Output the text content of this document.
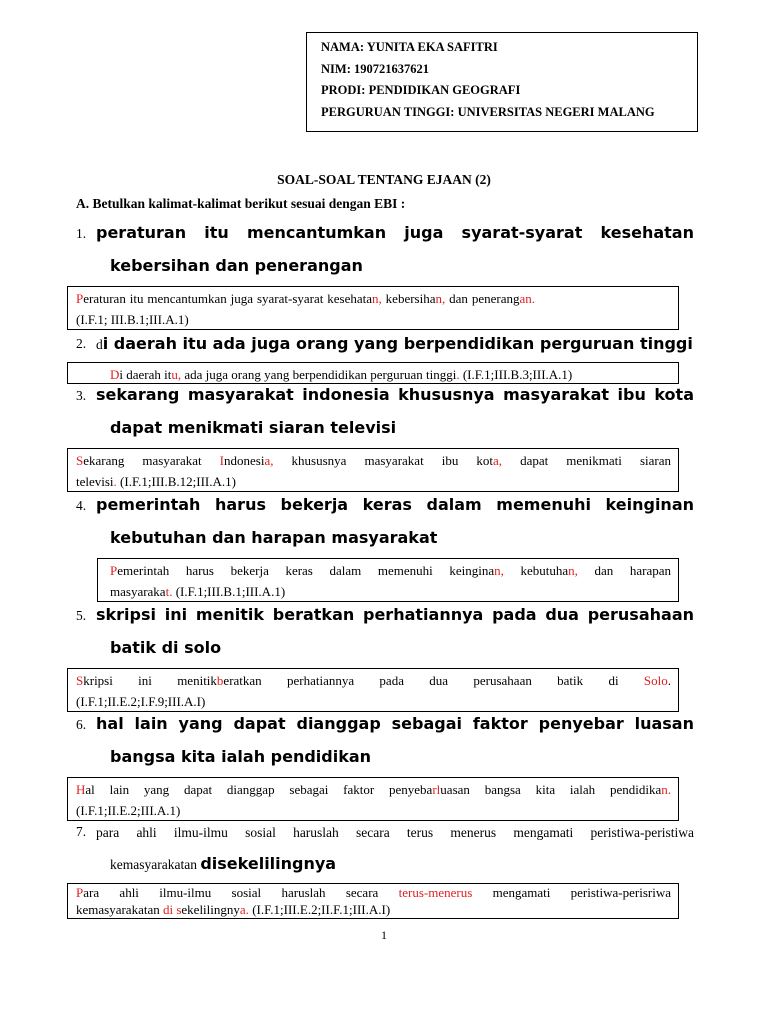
NAMA: YUNITA EKA SAFITRI
NIM: 190721637621
PRODI: PENDIDIKAN GEOGRAFI
PERGURUAN TINGGI: UNIVERSITAS NEGERI MALANG
SOAL-SOAL TENTANG EJAAN (2)
A. Betulkan kalimat-kalimat berikut sesuai dengan EBI :
1. peraturan itu mencantumkan juga syarat-syarat kesehatan
kebersihan dan penerangan
Peraturan itu mencantumkan juga syarat-syarat kesehatan, kebersihan, dan penerangan.
(I.F.1; III.B.1;III.A.1)
2. di daerah itu ada juga orang yang berpendidikan perguruan tinggi
Di daerah itu, ada juga orang yang berpendidikan perguruan tinggi. (I.F.1;III.B.3;III.A.1)
3. sekarang masyarakat indonesia khususnya masyarakat ibu kota
dapat menikmati siaran televisi
Sekarang masyarakat Indonesia, khususnya masyarakat ibu kota, dapat menikmati siaran
televisi. (I.F.1;III.B.12;III.A.1)
4. pemerintah harus bekerja keras dalam memenuhi keinginan
kebutuhan dan harapan masyarakat
Pemerintah harus bekerja keras dalam memenuhi keinginan, kebutuhan, dan harapan
masyarakat. (I.F.1;III.B.1;III.A.1)
5. skripsi ini menitik beratkan perhatiannya pada dua perusahaan
batik di solo
Skripsi ini menitikberatkan perhatiannya pada dua perusahaan batik di Solo.
(I.F.1;II.E.2;I.F.9;III.A.I)
6. hal lain yang dapat dianggap sebagai faktor penyebar luasan
bangsa kita ialah pendidikan
Hal lain yang dapat dianggap sebagai faktor penyebarluasan bangsa kita ialah pendidikan.
(I.F.1;II.E.2;III.A.1)
7. para ahli ilmu-ilmu sosial haruslah secara terus menerus mengamati peristiwa-peristiwa
kemasyarakatan disekelilingnya
Para ahli ilmu-ilmu sosial haruslah secara terus-menerus mengamati peristiwa-perisriwa
kemasyarakatan di sekelilingnya. (I.F.1;III.E.2;II.F.1;III.A.I)
1
